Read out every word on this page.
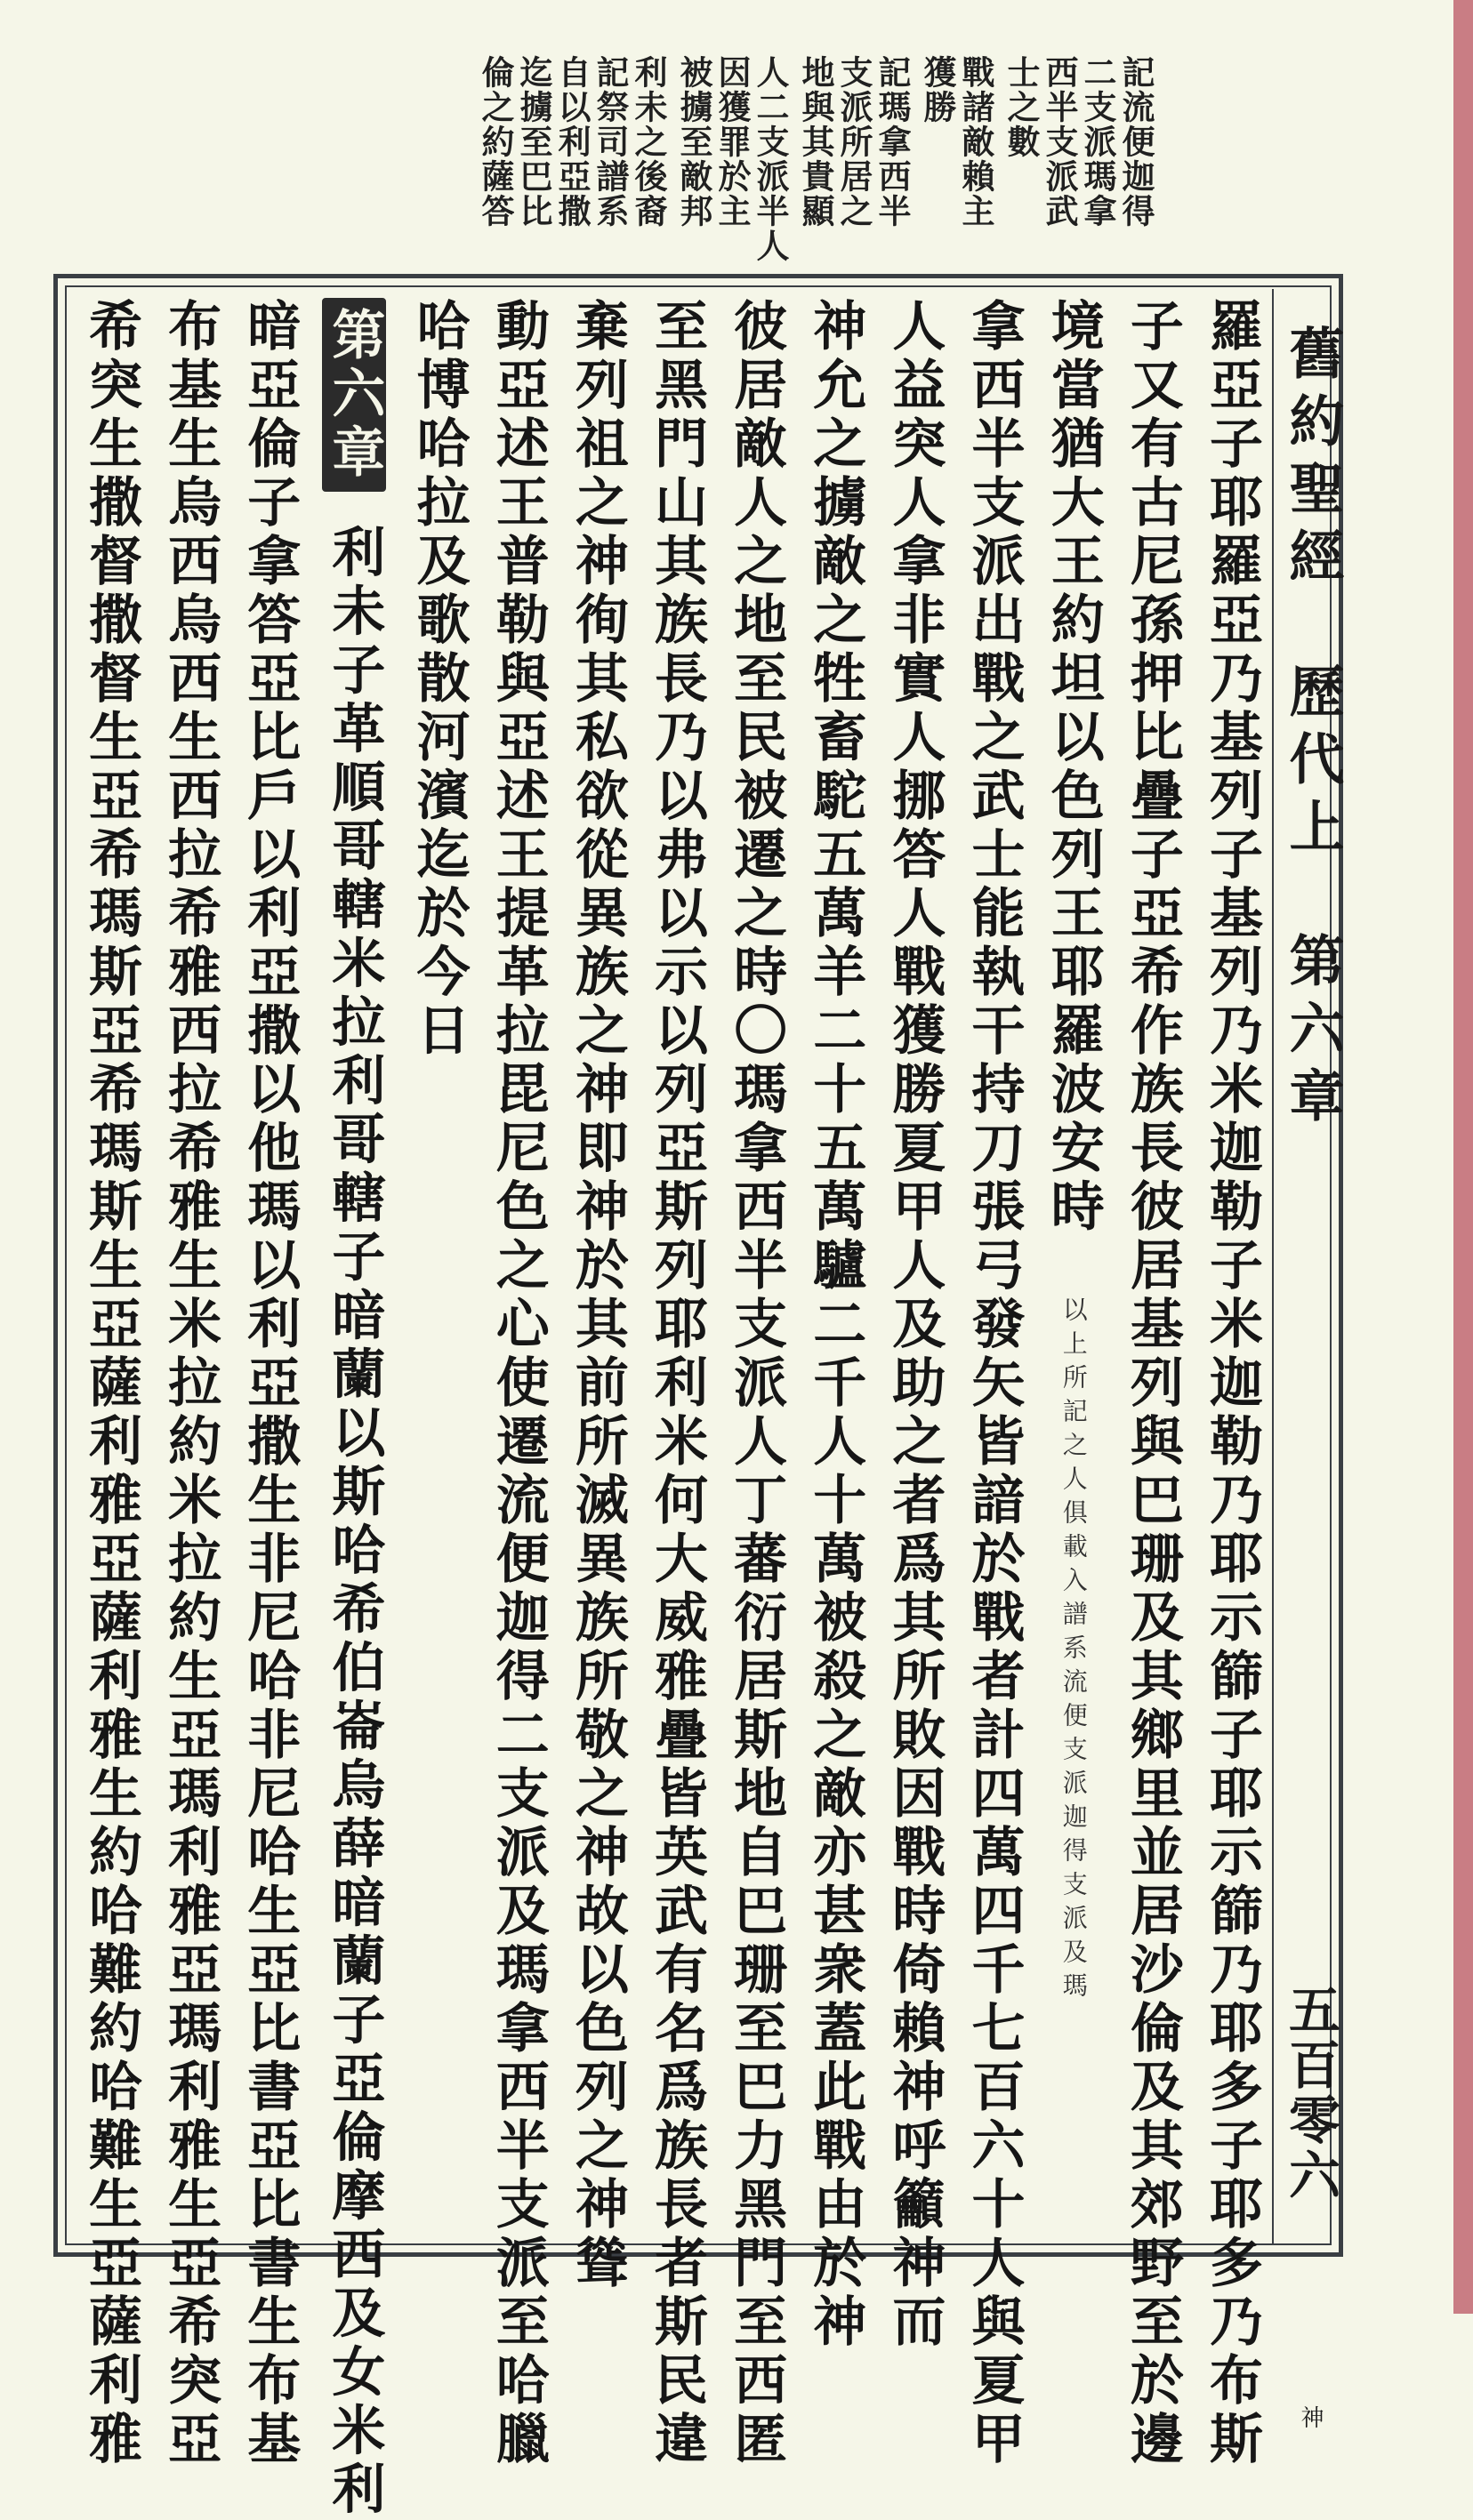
記流便迦得
二支派瑪拿
西半支派武
士之數
戰諸敵賴主
獲勝
記瑪拿西半
支派所居之
地與其貴顯
人二支派半人
因獲罪於主
被擄至敵邦
利未之後裔
記祭司譜系
自以利亞撒
迄擄至巴比
倫之約薩答
舊約聖經 歷代上 第六章
五百零六
神
羅亞子耶羅亞乃基列子基列乃米迦勒子米迦勒乃耶示篩子耶示篩乃耶多子耶多乃布斯
子又有古尼孫押比疊子亞希作族長彼居基列與巴珊及其鄉里並居沙倫及其郊野至於邊
境當猶大王約坦以色列王耶羅波安時 以上所記之人俱載入譜系流便支派迦得支派及瑪
拿西半支派出戰之武士能執干持刀張弓發矢皆諳於戰者計四萬四千七百六十人與夏甲
人益突人拿非實人挪答人戰獲勝夏甲人及助之者爲其所敗因戰時倚賴神呼籲神而
神允之擄敵之牲畜駝五萬羊二十五萬驢二千人十萬被殺之敵亦甚衆蓋此戰由於神
彼居敵人之地至民被遷之時〇瑪拿西半支派人丁蕃衍居斯地自巴珊至巴力黑門至西匿
至黑門山其族長乃以弗以示以列亞斯列耶利米何大威雅疊皆英武有名爲族長者斯民違
棄列祖之神徇其私欲從異族之神即神於其前所滅異族所敬之神故以色列之神聳
動亞述王普勒與亞述王提革拉毘尼色之心使遷流便迦得二支派及瑪拿西半支派至哈臘
哈博哈拉及歌散河濱迄於今日
第六章 利未子革順哥轄米拉利哥轄子暗蘭以斯哈希伯崙烏薛暗蘭子亞倫摩西及女米利
暗亞倫子拿答亞比戶以利亞撒以他瑪以利亞撒生非尼哈非尼哈生亞比書亞比書生布基
布基生烏西烏西生西拉希雅西拉希雅生米拉約米拉約生亞瑪利雅亞瑪利雅生亞希突亞
希突生撒督撒督生亞希瑪斯亞希瑪斯生亞薩利雅亞薩利雅生約哈難約哈難生亞薩利雅
